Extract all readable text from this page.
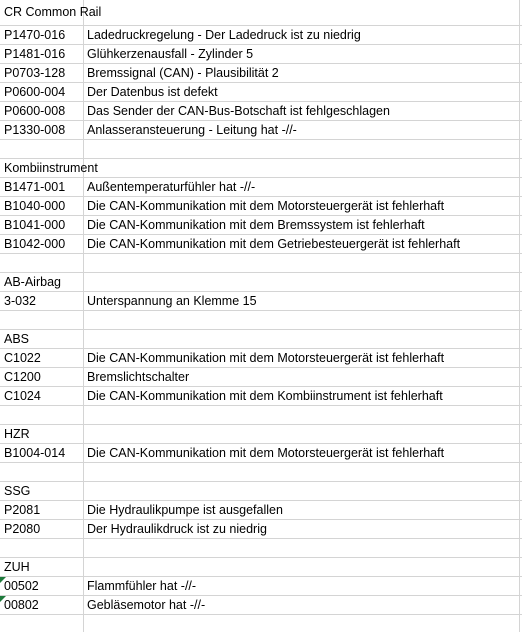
CR Common Rail
P1470-016	Ladedruckregelung - Der Ladedruck ist zu niedrig
P1481-016	Glühkerzenausfall - Zylinder 5
P0703-128	Bremssignal (CAN) - Plausibilität 2
P0600-004	Der Datenbus ist defekt
P0600-008	Das Sender der CAN-Bus-Botschaft ist fehlgeschlagen
P1330-008	Anlasseransteuerung - Leitung hat -//-
Kombiinstrument
B1471-001	Außentemperaturfühler hat -//-
B1040-000	Die CAN-Kommunikation mit dem Motorsteuergerät ist fehlerhaft
B1041-000	Die CAN-Kommunikation mit dem Bremssystem ist fehlerhaft
B1042-000	Die CAN-Kommunikation mit dem Getriebesteuergerät ist fehlerhaft
AB-Airbag
3-032	Unterspannung an Klemme 15
ABS
C1022	Die CAN-Kommunikation mit dem Motorsteuergerät ist fehlerhaft
C1200	Bremslichtschalter
C1024	Die CAN-Kommunikation mit dem Kombiinstrument ist fehlerhaft
HZR
B1004-014	Die CAN-Kommunikation mit dem Motorsteuergerät ist fehlerhaft
SSG
P2081	Die Hydraulikpumpe ist ausgefallen
P2080	Der Hydraulikdruck ist zu niedrig
ZUH
00502	Flammfühler hat -//-
00802	Gebläsemotor hat -//-
